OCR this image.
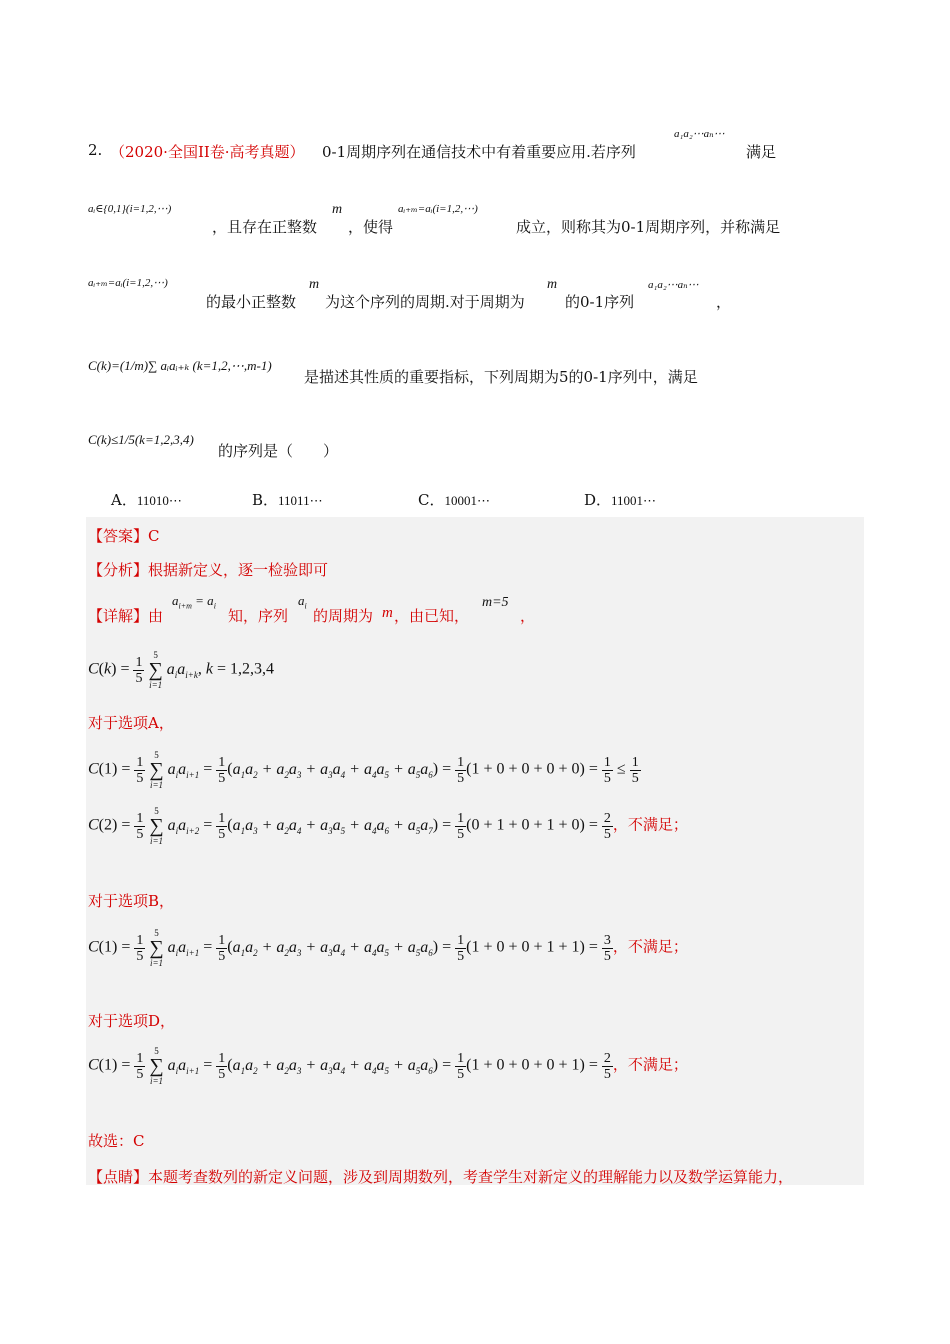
2. （2020·全国II卷·高考真题） 0-1周期序列在通信技术中有着重要应用.若序列
a₁a₂⋯aₙ⋯
满足
aᵢ∈{0,1}(i=1,2,⋯)
，且存在正整数
m
，使得
aᵢ₊ₘ=aᵢ(i=1,2,⋯)
成立，则称其为0-1周期序列，并称满足
aᵢ₊ₘ=aᵢ(i=1,2,⋯)
的最小正整数
m
为这个序列的周期.对于周期为
m
的0-1序列
a₁a₂⋯aₙ⋯
，
C(k)=(1/m)∑ aᵢaᵢ₊ₖ (k=1,2,⋯,m-1)
是描述其性质的重要指标，下列周期为5的0-1序列中，满足
C(k)≤1/5(k=1,2,3,4)
的序列是（　　）
A．11010⋯	B．11011⋯	C．10001⋯	D．11001⋯
【答案】C
【分析】根据新定义，逐一检验即可
【详解】由
$a_{i+m} = a_i$
知，序列
$a_i$
的周期为 m ，由已知，
m=5
，
$C(k) = \frac{1}{5}$
5
∑
i=1
$a_ia_{i+k}$, k = 1,2,3,4
对于选项A，
$C(1) = \frac{1}{5}$
5
∑
i=1
$a_ia_{i+1} = \frac{1}{5} (a_1a_2 + a_2a_3 + a_3a_4 + a_4a_5 + a_5a_6) = \frac{1}{5} (1 + 0 + 0 + 0 + 0) = \frac{1}{5} \le \frac{1}{5}$
$C(2) = \frac{1}{5}$
5
∑
i=1
$a_ia_{i+2} = \frac{1}{5} (a_1a_3 + a_2a_4 + a_3a_5 + a_4a_6 + a_5a_7) = \frac{1}{5} (0 + 1 + 0 + 1 + 0) = \frac{2}{5}$ ，不满足；
对于选项B，
$C(1) = \frac{1}{5}$
5
∑
i=1
$a_ia_{i+1} = \frac{1}{5} (a_1a_2 + a_2a_3 + a_3a_4 + a_4a_5 + a_5a_6) = \frac{1}{5} (1 + 0 + 0 + 1 + 1) = \frac{3}{5}$ ，不满足；
对于选项D，
$C(1) = \frac{1}{5}$
5
∑
i=1
$a_ia_{i+1} = \frac{1}{5} (a_1a_2 + a_2a_3 + a_3a_4 + a_4a_5 + a_5a_6) = \frac{1}{5} (1 + 0 + 0 + 0 + 1) = \frac{2}{5}$ ，不满足；
故选：C
【点睛】本题考查数列的新定义问题，涉及到周期数列，考查学生对新定义的理解能力以及数学运算能力，
